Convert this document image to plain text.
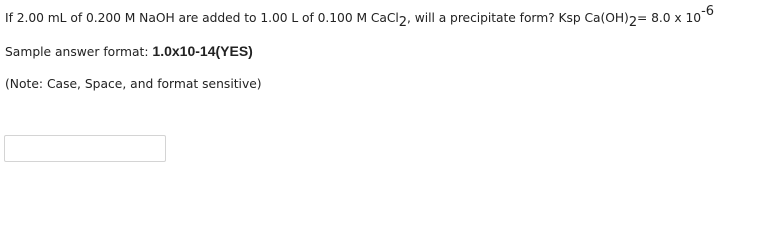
If 2.00 mL of 0.200 M NaOH are added to 1.00 L of 0.100 M CaCl$_2$, will a precipitate form? Ksp $Ca(OH)_2= 8.0$ x $10^{-6}$
Sample answer format: 1.0x10-14(YES)
(Note: Case, Space, and format sensitive)
